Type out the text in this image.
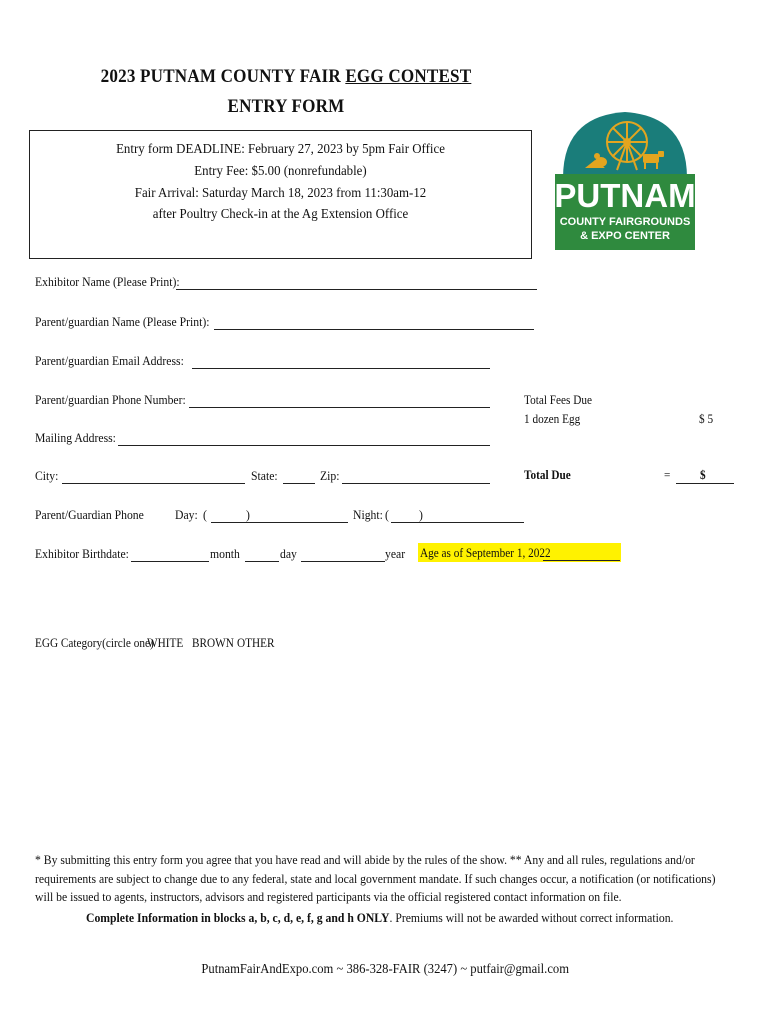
2023 PUTNAM COUNTY FAIR EGG CONTEST
ENTRY FORM
Entry form DEADLINE: February 27, 2023 by 5pm Fair Office
Entry Fee: $5.00 (nonrefundable)
Fair Arrival: Saturday March 18, 2023 from 11:30am-12
after Poultry Check-in at the Ag Extension Office
PUTNAM
COUNTY FAIRGROUNDS
& EXPO CENTER
Exhibitor Name (Please Print):
Parent/guardian Name (Please Print):
Parent/guardian Email Address:
Parent/guardian Phone Number:	Total Fees Due
1 dozen Egg	$ 5
Mailing Address:
City:	State:	Zip:	Total Due	= $
Parent/Guardian Phone Day: (	)	Night: ( )
Exhibitor Birthdate:	month	day	year Age as of September 1, 2022
EGG Category(circle one)
WHITE BROWN OTHER
* By submitting this entry form you agree that you have read and will abide by the rules of the show. ** Any and all rules, regulations and/or
requirements are subject to change due to any federal, state and local government mandate. If such changes occur, a notification (or notifications)
will be issued to agents, instructors, advisors and registered participants via the official registered contact information on file.
Complete Information in blocks a, b, c, d, e, f, g and h ONLY. Premiums will not be awarded without correct information.
PutnamFairAndExpo.com ~ 386-328-FAIR (3247) ~ putfair@gmail.com
